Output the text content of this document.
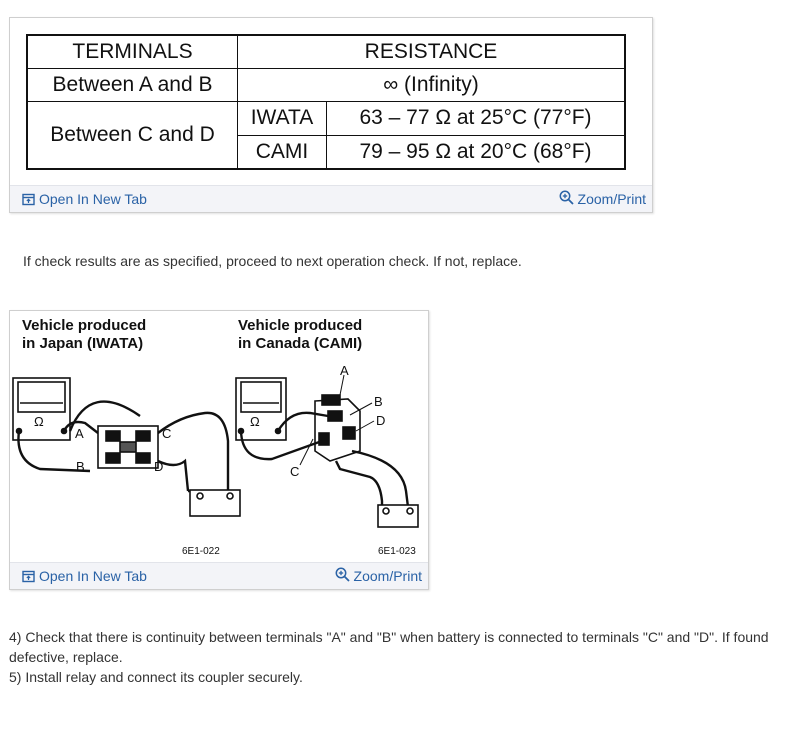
TERMINALS	RESISTANCE	
Between A and B	∞ (Infinity)	
Between C and D	IWATA	63 – 77 Ω at 25°C (77°F)
	CAMI	79 – 95 Ω at 20°C (68°F)
Open In New Tab	Zoom/Print
If check results are as specified, proceed to next operation check. If not, replace.
Vehicle produced
in Japan (IWATA)
Vehicle produced
in Canada (CAMI)
Ω
A
B
C
D
6E1-022
Ω
A
B
D
C
6E1-023
Open In New Tab	Zoom/Print
4) Check that there is continuity between terminals "A" and "B" when battery is connected to terminals "C" and "D". If found defective, replace.
5) Install relay and connect its coupler securely.
